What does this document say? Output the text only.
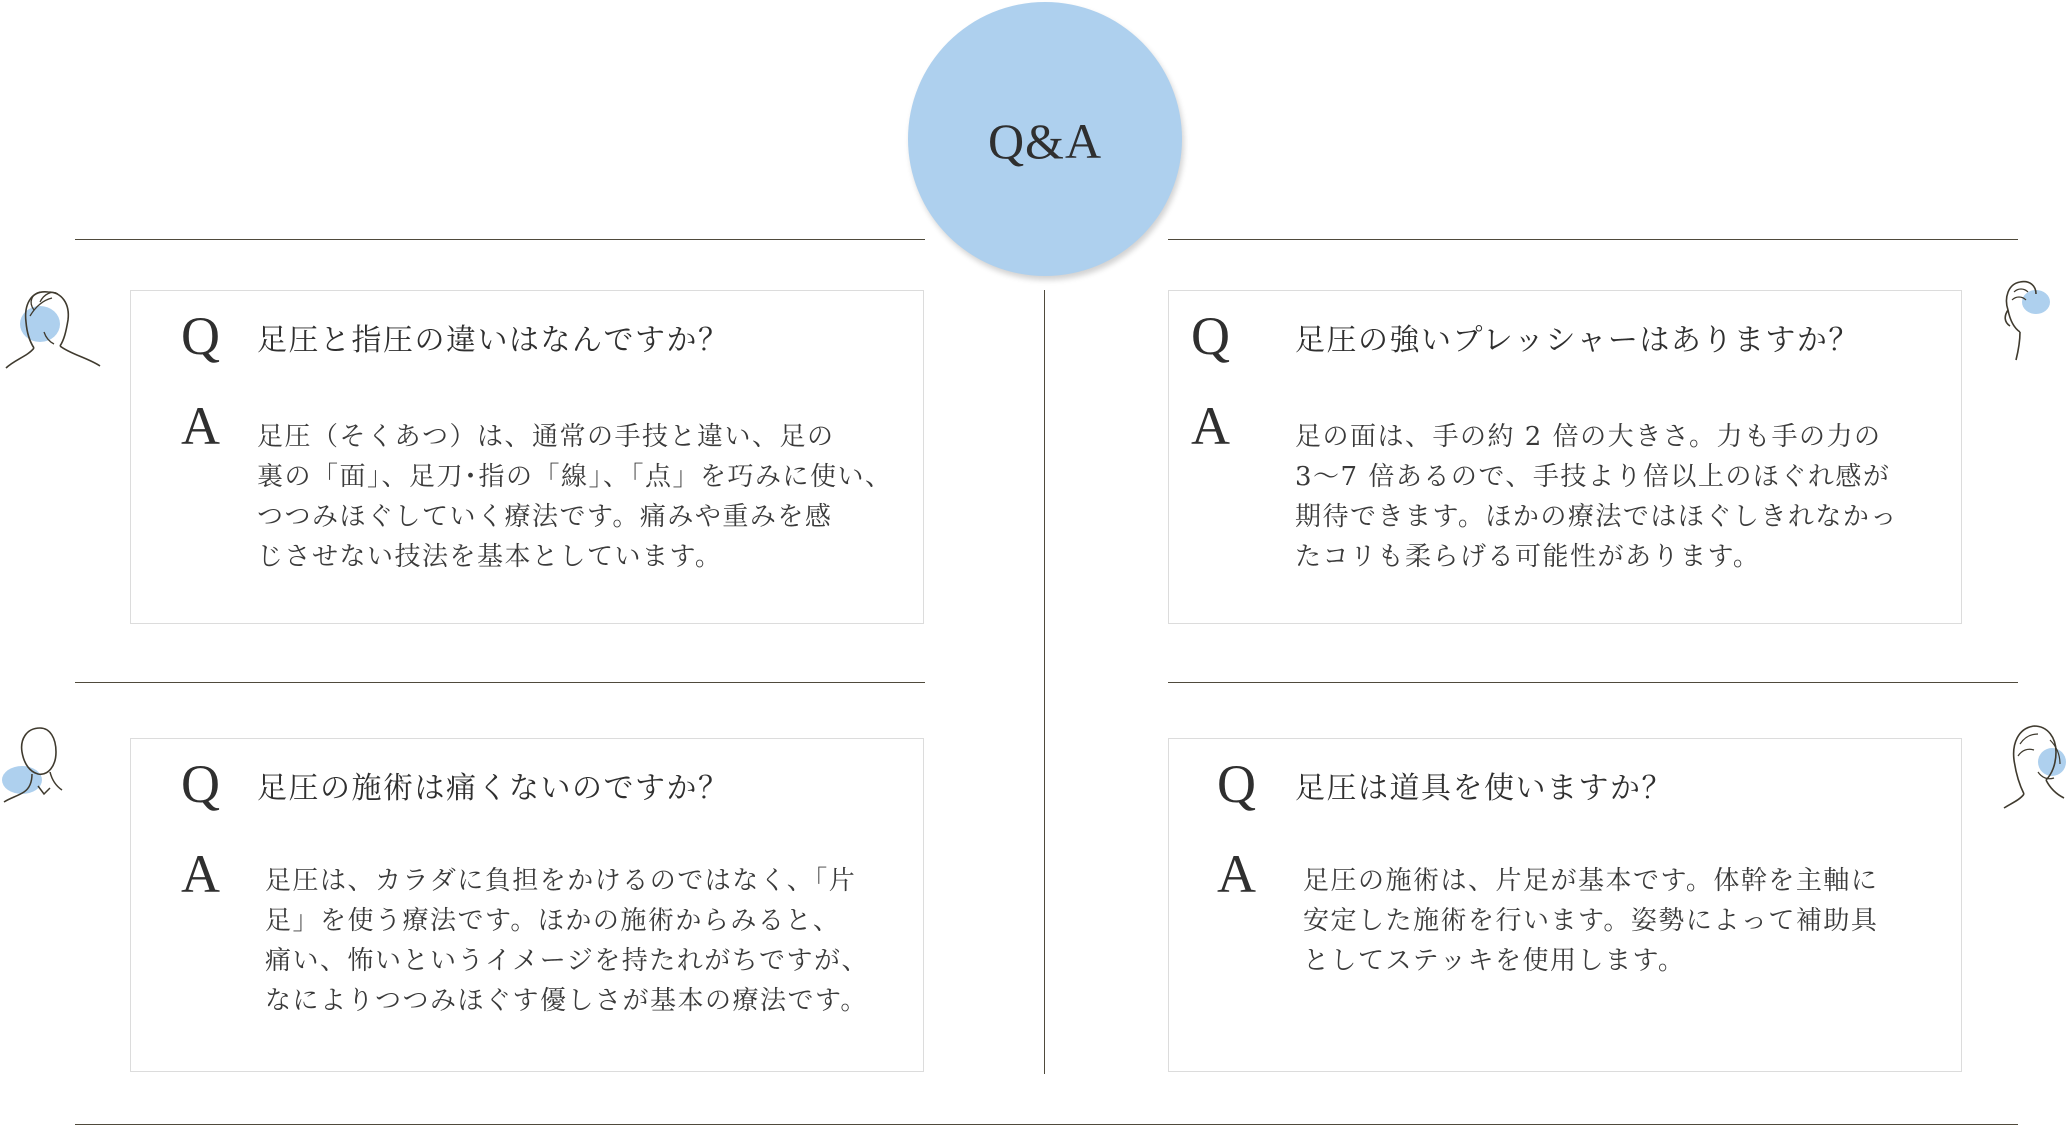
Q&A
Q 足圧と指圧の違いはなんですか？
A 足圧（そくあつ）は、通常の手技と違い、足の
裏の「面」、足刀･指の「線」、「点」を巧みに使い、
つつみほぐしていく療法です。痛みや重みを感
じさせない技法を基本としています。
Q 足圧の強いプレッシャーはありますか？
A	足の面は、手の約 2 倍の大きさ。力も手の力の
3〜7 倍あるので、手技より倍以上のほぐれ感が
期待できます。ほかの療法ではほぐしきれなかっ
たコリも柔らげる可能性があります。
Q 足圧の施術は痛くないのですか？
A 足圧は、カラダに負担をかけるのではなく、「片
足」を使う療法です。ほかの施術からみると、
痛い、怖いというイメージを持たれがちですが、
なによりつつみほぐす優しさが基本の療法です。
Q 足圧は道具を使いますか？
A 足圧の施術は、片足が基本です。体幹を主軸に
安定した施術を行います。姿勢によって補助具
としてステッキを使用します。
